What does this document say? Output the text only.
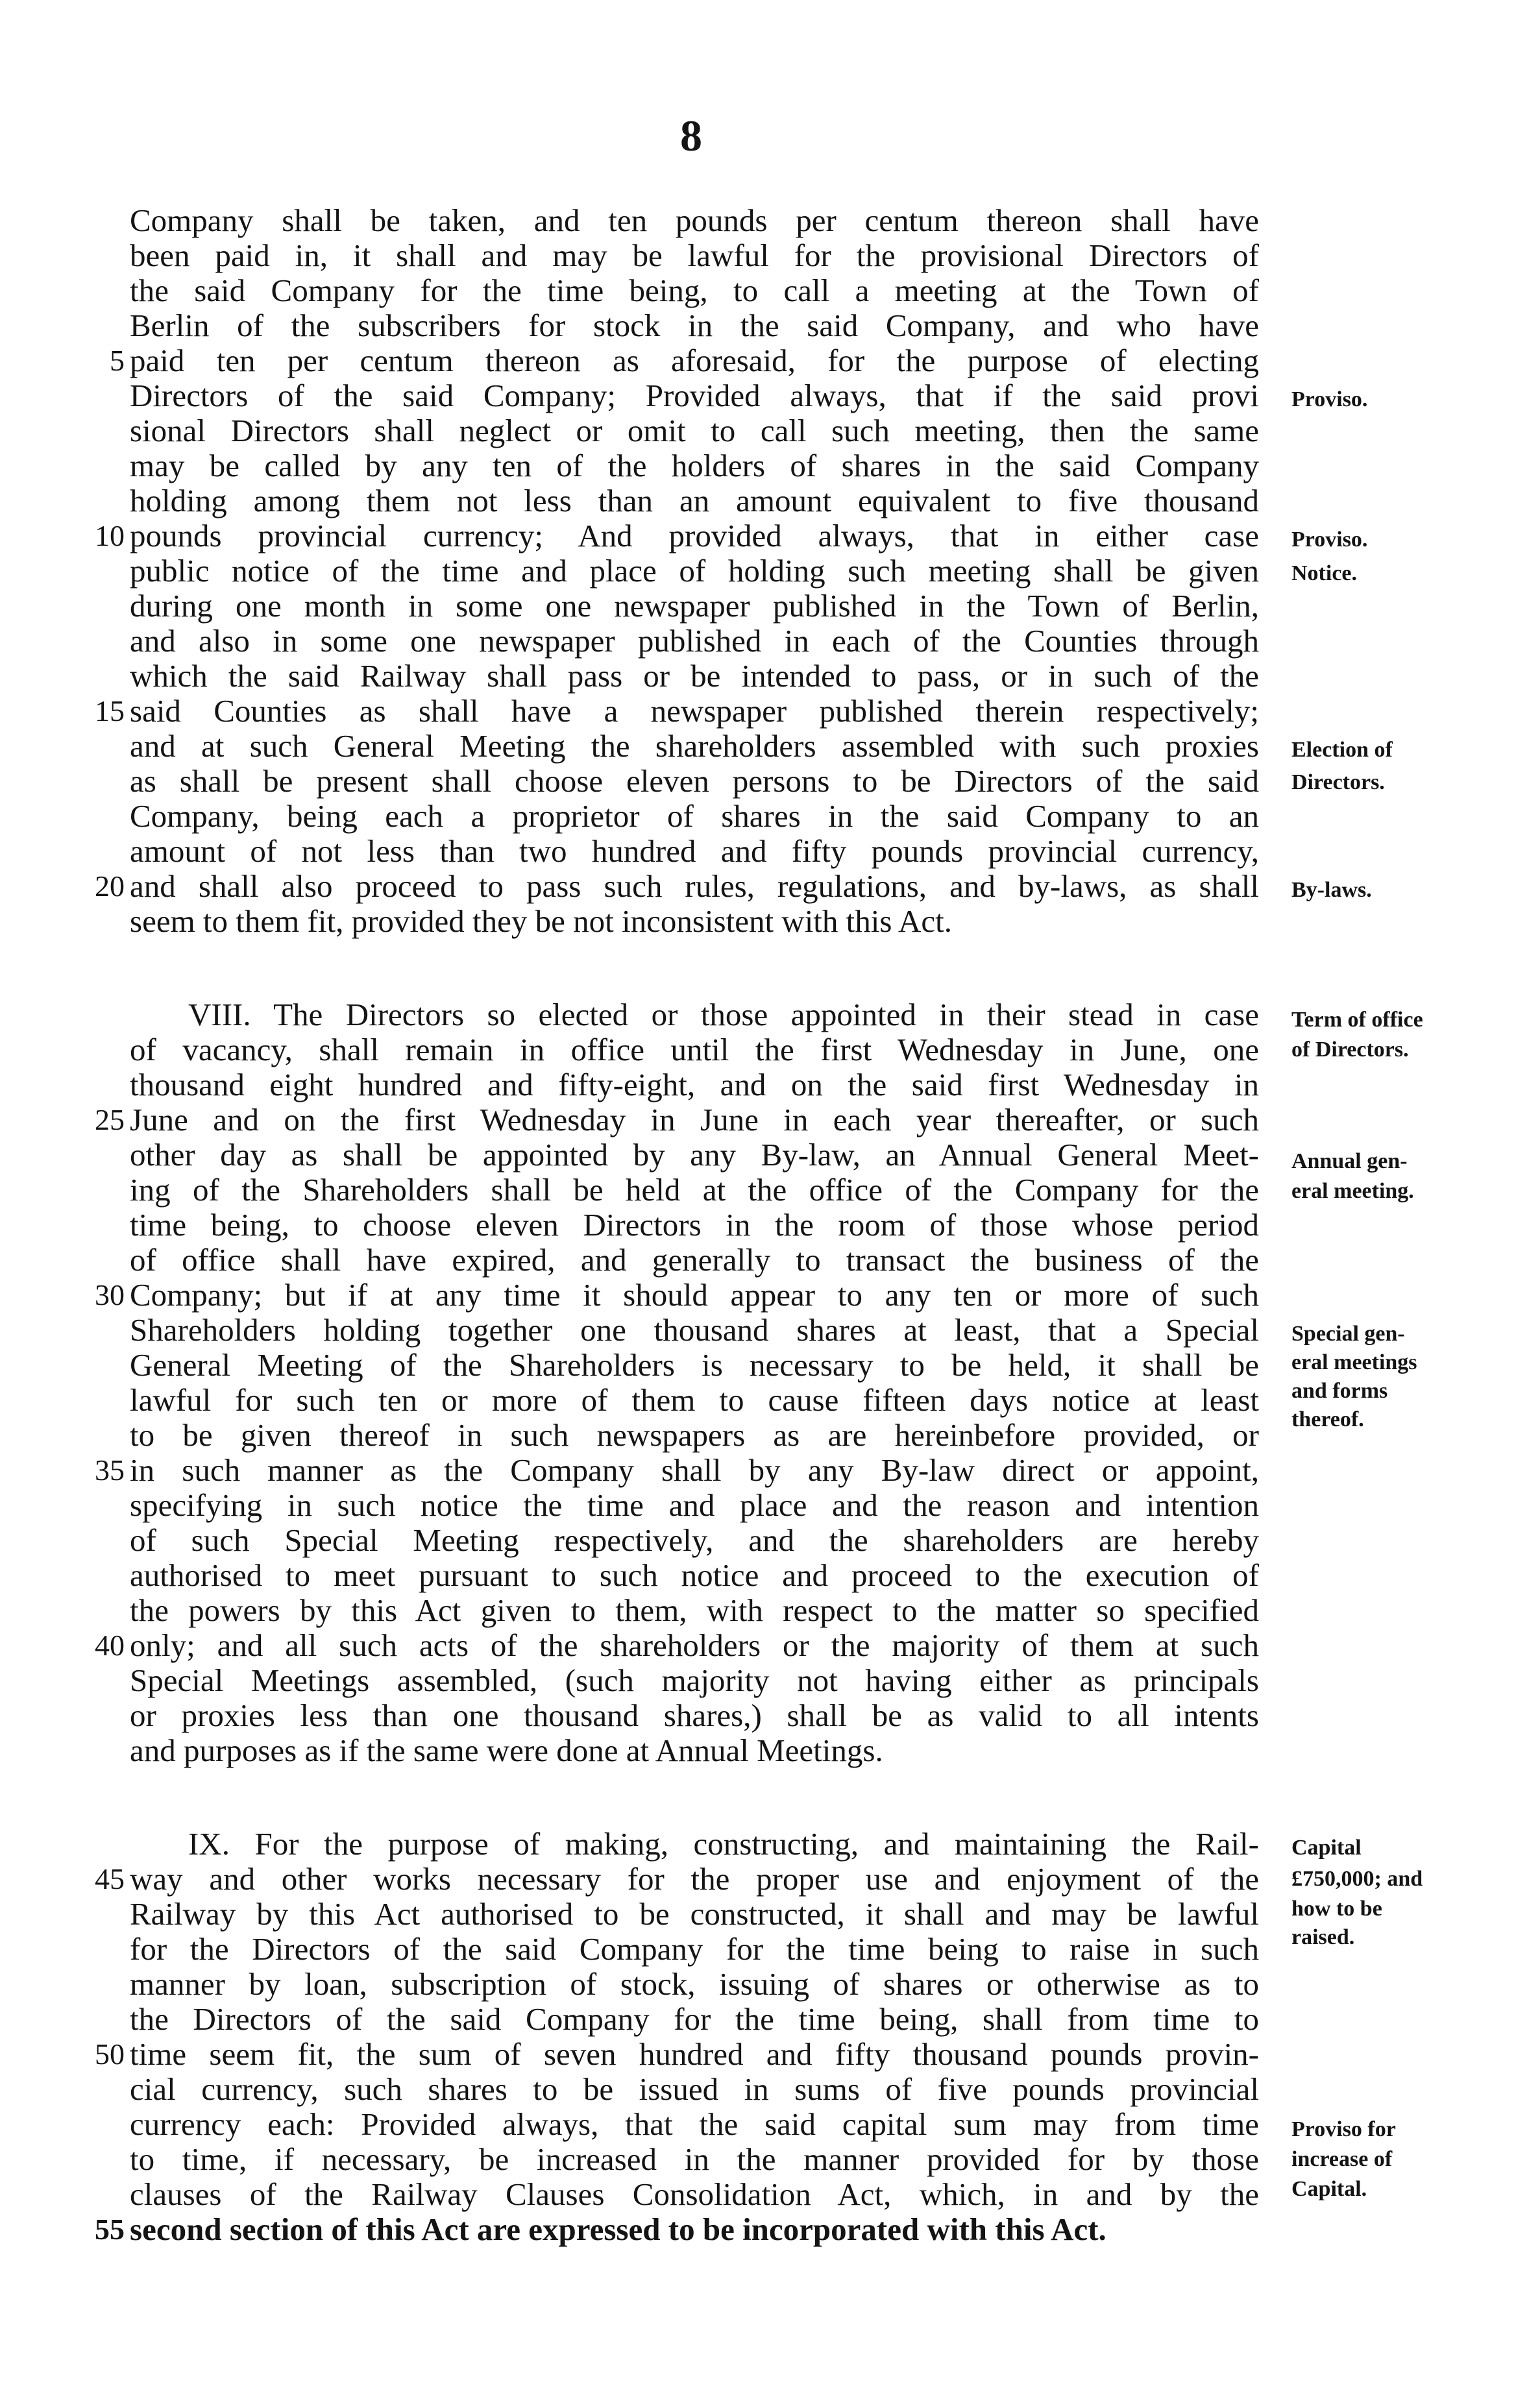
8
Company shall be taken, and ten pounds per centum thereon shall have
been paid in, it shall and may be lawful for the provisional Directors of
the said Company for the time being, to call a meeting at the Town of
Berlin of the subscribers for stock in the said Company, and who have
paid ten per centum thereon as aforesaid, for the purpose of electing
Directors of the said Company; Provided always, that if the said provi
sional Directors shall neglect or omit to call such meeting, then the same
may be called by any ten of the holders of shares in the said Company
holding among them not less than an amount equivalent to five thousand
pounds provincial currency; And provided always, that in either case
public notice of the time and place of holding such meeting shall be given
during one month in some one newspaper published in the Town of Berlin,
and also in some one newspaper published in each of the Counties through
which the said Railway shall pass or be intended to pass, or in such of the
said Counties as shall have a newspaper published therein respectively;
and at such General Meeting the shareholders assembled with such proxies
as shall be present shall choose eleven persons to be Directors of the said
Company, being each a proprietor of shares in the said Company to an
amount of not less than two hundred and fifty pounds provincial currency,
and shall also proceed to pass such rules, regulations, and by-laws, as shall
seem to them fit, provided they be not inconsistent with this Act.
VIII. The Directors so elected or those appointed in their stead in case
of vacancy, shall remain in office until the first Wednesday in June, one
thousand eight hundred and fifty-eight, and on the said first Wednesday in
June and on the first Wednesday in June in each year thereafter, or such
other day as shall be appointed by any By-law, an Annual General Meet-
ing of the Shareholders shall be held at the office of the Company for the
time being, to choose eleven Directors in the room of those whose period
of office shall have expired, and generally to transact the business of the
Company; but if at any time it should appear to any ten or more of such
Shareholders holding together one thousand shares at least, that a Special
General Meeting of the Shareholders is necessary to be held, it shall be
lawful for such ten or more of them to cause fifteen days notice at least
to be given thereof in such newspapers as are hereinbefore provided, or
in such manner as the Company shall by any By-law direct or appoint,
specifying in such notice the time and place and the reason and intention
of such Special Meeting respectively, and the shareholders are hereby
authorised to meet pursuant to such notice and proceed to the execution of
the powers by this Act given to them, with respect to the matter so specified
only; and all such acts of the shareholders or the majority of them at such
Special Meetings assembled, (such majority not having either as principals
or proxies less than one thousand shares,) shall be as valid to all intents
and purposes as if the same were done at Annual Meetings.
IX. For the purpose of making, constructing, and maintaining the Rail-
way and other works necessary for the proper use and enjoyment of the
Railway by this Act authorised to be constructed, it shall and may be lawful
for the Directors of the said Company for the time being to raise in such
manner by loan, subscription of stock, issuing of shares or otherwise as to
the Directors of the said Company for the time being, shall from time to
time seem fit, the sum of seven hundred and fifty thousand pounds provin-
cial currency, such shares to be issued in sums of five pounds provincial
currency each: Provided always, that the said capital sum may from time
to time, if necessary, be increased in the manner provided for by those
clauses of the Railway Clauses Consolidation Act, which, in and by the
second section of this Act are expressed to be incorporated with this Act.
5
10
15
20
25
30
35
40
45
50
55
Proviso.
Proviso.
Notice.
Election of
Directors.
By-laws.
Term of office
of Directors.
Annual gen-
eral meeting.
Special gen-
eral meetings
and forms
thereof.
Capital
£750,000; and
how to be
raised.
Proviso for
increase of
Capital.
